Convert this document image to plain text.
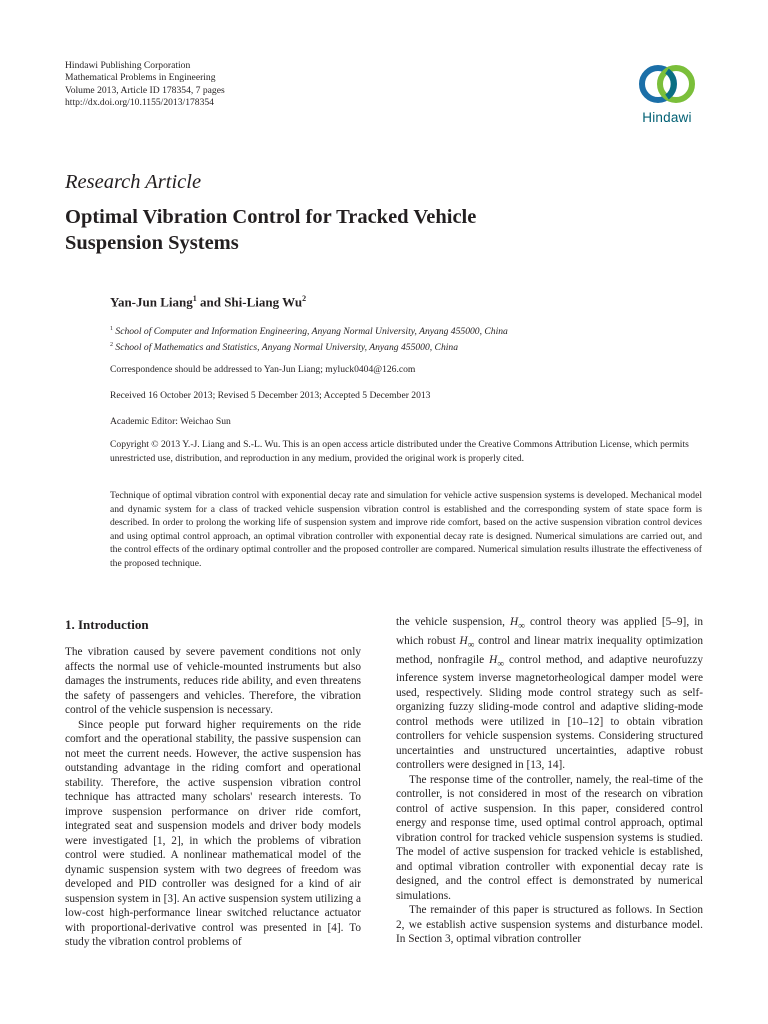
Hindawi Publishing Corporation
Mathematical Problems in Engineering
Volume 2013, Article ID 178354, 7 pages
http://dx.doi.org/10.1155/2013/178354
Hindawi
Research Article
Optimal Vibration Control for Tracked Vehicle
Suspension Systems
Yan-Jun Liang$^1$ and Shi-Liang Wu$^2$
$^1$ School of Computer and Information Engineering, Anyang Normal University, Anyang 455000, China
$^2$ School of Mathematics and Statistics, Anyang Normal University, Anyang 455000, China
Correspondence should be addressed to Yan-Jun Liang; myluck0404@126.com
Received 16 October 2013; Revised 5 December 2013; Accepted 5 December 2013
Academic Editor: Weichao Sun
Copyright © 2013 Y.-J. Liang and S.-L. Wu. This is an open access article distributed under the Creative Commons Attribution License, which permits unrestricted use, distribution, and reproduction in any medium, provided the original work is properly cited.
Technique of optimal vibration control with exponential decay rate and simulation for vehicle active suspension systems is developed. Mechanical model and dynamic system for a class of tracked vehicle suspension vibration control is established and the corresponding system of state space form is described. In order to prolong the working life of suspension system and improve ride comfort, based on the active suspension vibration control devices and using optimal control approach, an optimal vibration controller with exponential decay rate is designed. Numerical simulations are carried out, and the control effects of the ordinary optimal controller and the proposed controller are compared. Numerical simulation results illustrate the effectiveness of the proposed technique.
1. Introduction

The vibration caused by severe pavement conditions not only affects the normal use of vehicle-mounted instruments but also damages the instruments, reduces ride ability, and even threatens the safety of passengers and vehicles. Therefore, the vibration control of the vehicle suspension is necessary.

Since people put forward higher requirements on the ride comfort and the operational stability, the passive suspension can not meet the current needs. However, the active suspension has outstanding advantage in the riding comfort and operational stability. Therefore, the active suspension vibration control technique has attracted many scholars' research interests. To improve suspension performance on driver ride comfort, integrated seat and suspension models and driver body models were investigated [1, 2], in which the problems of vibration control were studied. A nonlinear mathematical model of the dynamic suspension system with two degrees of freedom was developed and PID controller was designed for a kind of air suspension system in [3]. An active suspension system utilizing a low-cost high-performance linear switched reluctance actuator with proportional-derivative control was presented in [4]. To study the vibration control problems of

the vehicle suspension, $H_\infty$ control theory was applied [5–9], in which robust $H_\infty$ control and linear matrix inequality optimization method, nonfragile $H_\infty$ control method, and adaptive neurofuzzy inference system inverse magnetorheological damper model were used, respectively. Sliding mode control strategy such as self-organizing fuzzy sliding-mode control and adaptive sliding-mode control methods were utilized in [10–12] to obtain vibration controllers for vehicle suspension systems. Considering structured uncertainties and unstructured uncertainties, adaptive robust controllers were designed in [13, 14].

The response time of the controller, namely, the real-time of the controller, is not considered in most of the research on vibration control of active suspension. In this paper, considered control energy and response time, used optimal control approach, optimal vibration control for tracked vehicle suspension systems is studied. The model of active suspension for tracked vehicle is established, and optimal vibration controller with exponential decay rate is designed, and the control effect is demonstrated by numerical simulations.

The remainder of this paper is structured as follows. In Section 2, we establish active suspension systems and disturbance model. In Section 3, optimal vibration controller
